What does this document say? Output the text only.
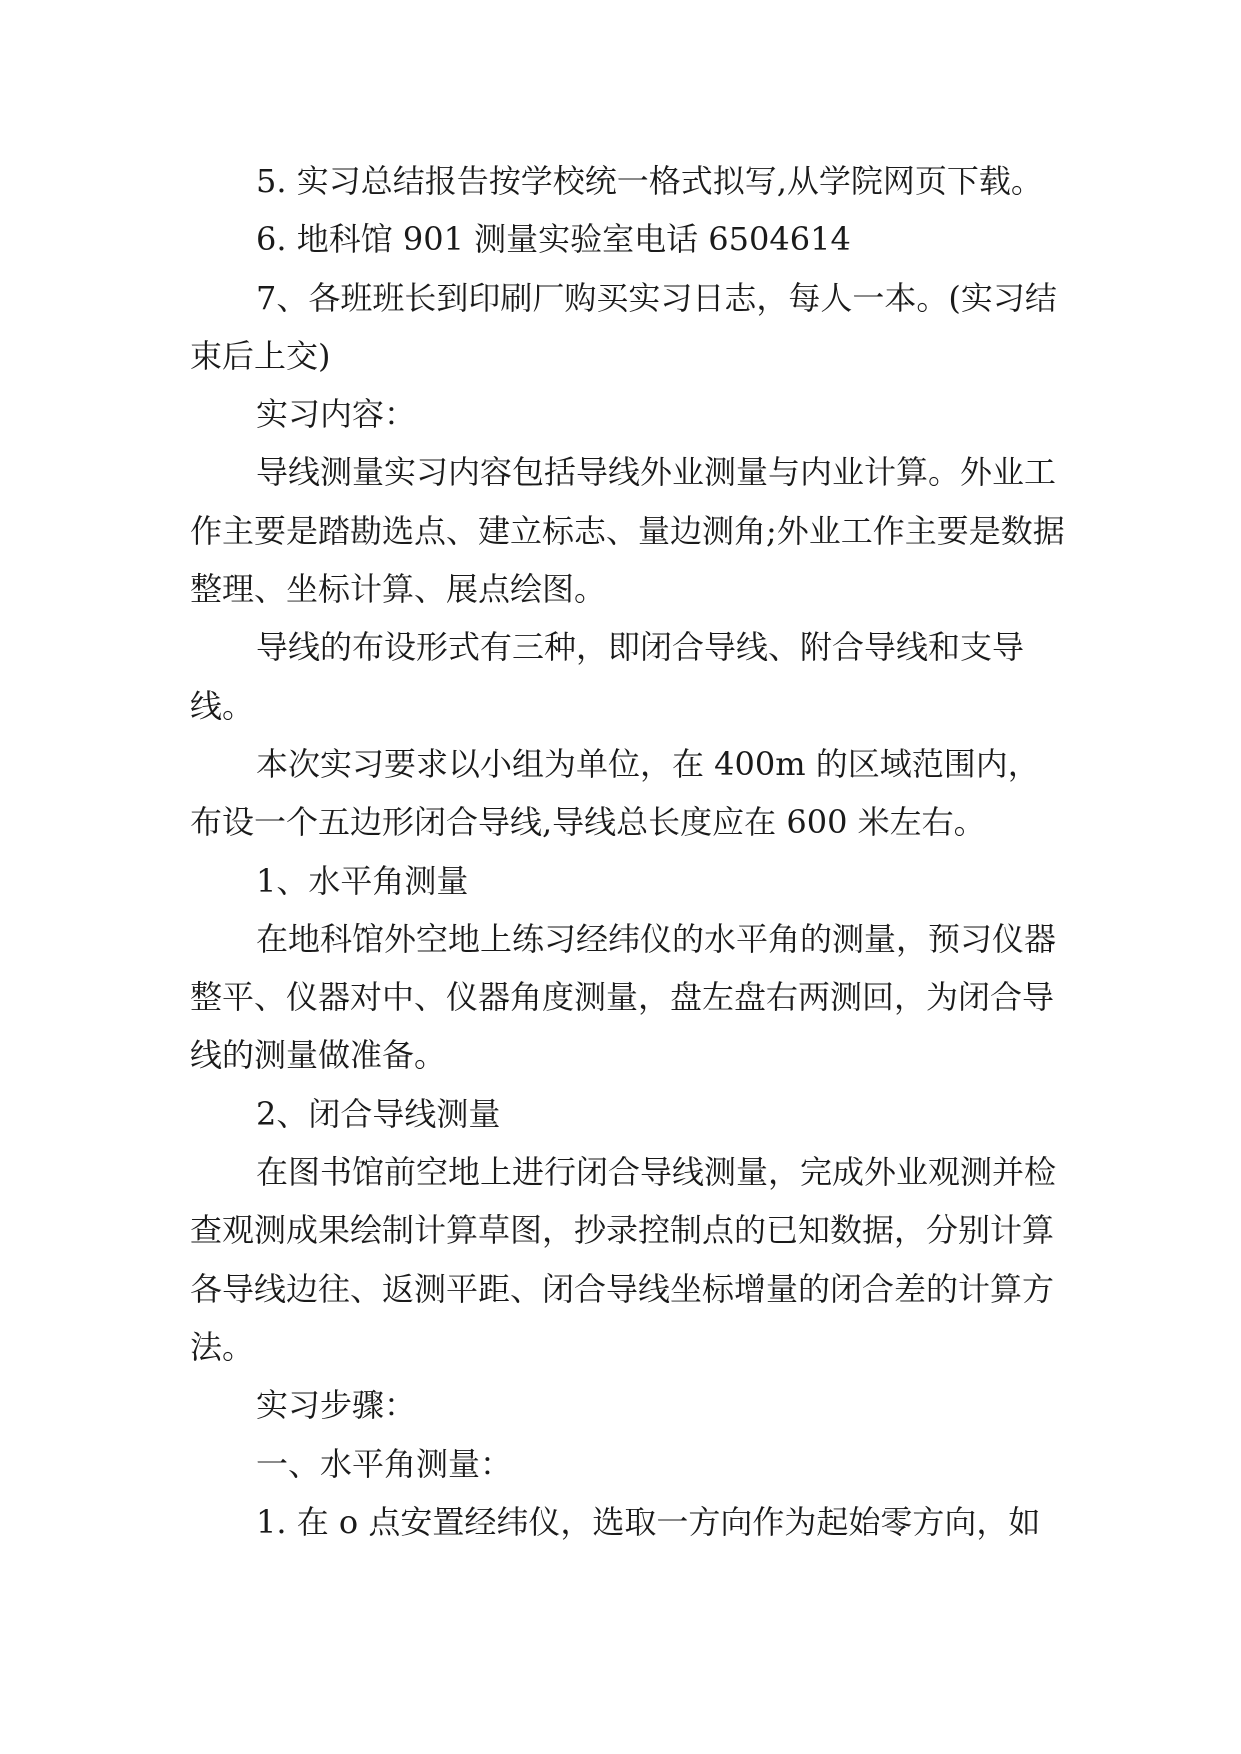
5. 实习总结报告按学校统一格式拟写,从学院网页下载。

6. 地科馆 901 测量实验室电话 6504614

7、各班班长到印刷厂购买实习日志，每人一本。(实习结束后上交)

实习内容：

导线测量实习内容包括导线外业测量与内业计算。外业工作主要是踏勘选点、建立标志、量边测角;外业工作主要是数据整理、坐标计算、展点绘图。

导线的布设形式有三种，即闭合导线、附合导线和支导线。

本次实习要求以小组为单位，在 400m 的区域范围内，布设一个五边形闭合导线,导线总长度应在 600 米左右。

1、水平角测量

在地科馆外空地上练习经纬仪的水平角的测量，预习仪器整平、仪器对中、仪器角度测量，盘左盘右两测回，为闭合导线的测量做准备。

2、闭合导线测量

在图书馆前空地上进行闭合导线测量，完成外业观测并检查观测成果绘制计算草图，抄录控制点的已知数据，分别计算各导线边往、返测平距、闭合导线坐标增量的闭合差的计算方法。

实习步骤：

一、水平角测量：

1. 在 o 点安置经纬仪，选取一方向作为起始零方向，如
